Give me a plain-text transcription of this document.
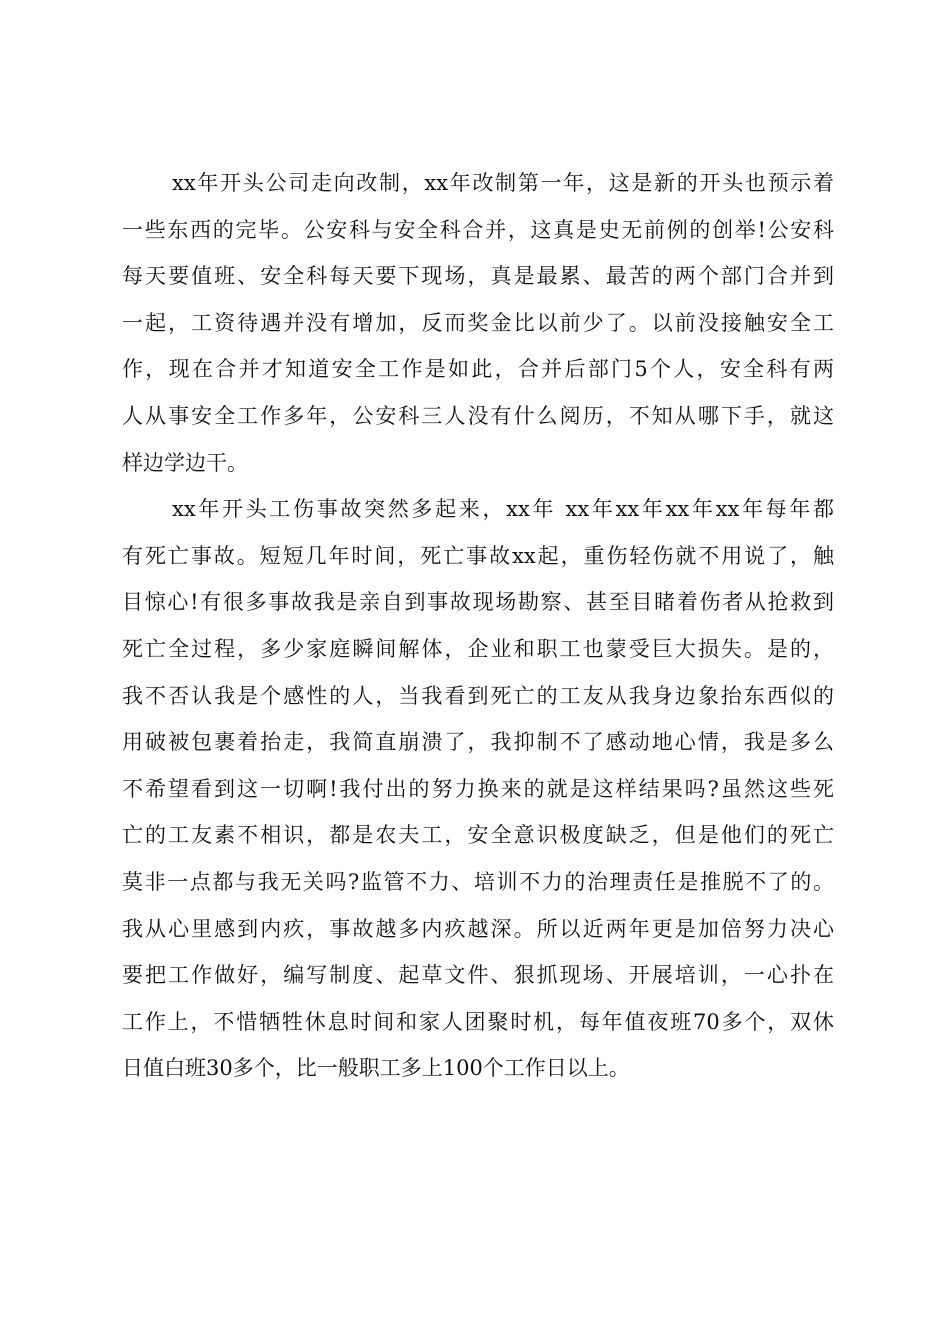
xx年开头公司走向改制，xx年改制第一年，这是新的开头也预示着
一些东西的完毕。公安科与安全科合并，这真是史无前例的创举!公安科
每天要值班、安全科每天要下现场，真是最累、最苦的两个部门合并到
一起，工资待遇并没有增加，反而奖金比以前少了。以前没接触安全工
作，现在合并才知道安全工作是如此，合并后部门5个人，安全科有两
人从事安全工作多年，公安科三人没有什么阅历，不知从哪下手，就这
样边学边干。
xx年开头工伤事故突然多起来，xx年 xx年xx年xx年xx年每年都
有死亡事故。短短几年时间，死亡事故xx起，重伤轻伤就不用说了，触
目惊心!有很多事故我是亲自到事故现场勘察、甚至目睹着伤者从抢救到
死亡全过程，多少家庭瞬间解体，企业和职工也蒙受巨大损失。是的，
我不否认我是个感性的人，当我看到死亡的工友从我身边象抬东西似的
用破被包裹着抬走，我简直崩溃了，我抑制不了感动地心情，我是多么
不希望看到这一切啊!我付出的努力换来的就是这样结果吗?虽然这些死
亡的工友素不相识，都是农夫工，安全意识极度缺乏，但是他们的死亡
莫非一点都与我无关吗?监管不力、培训不力的治理责任是推脱不了的。
我从心里感到内疚，事故越多内疚越深。所以近两年更是加倍努力决心
要把工作做好，编写制度、起草文件、狠抓现场、开展培训，一心扑在
工作上，不惜牺牲休息时间和家人团聚时机，每年值夜班70多个，双休
日值白班30多个，比一般职工多上100个工作日以上。
